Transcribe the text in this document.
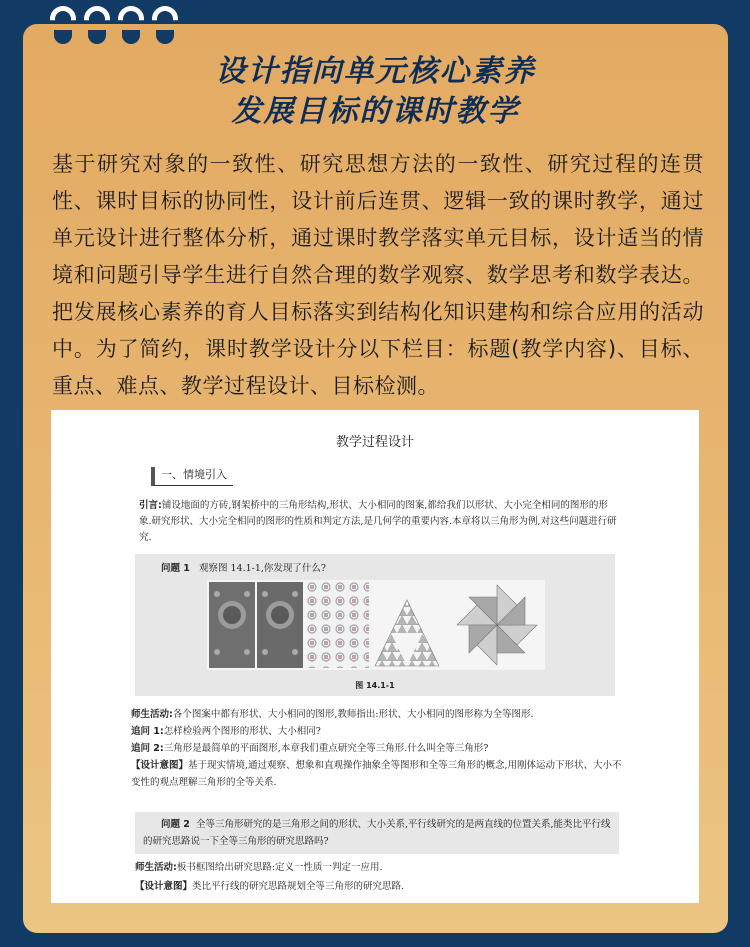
设计指向单元核心素养
发展目标的课时教学
基于研究对象的一致性、研究思想方法的一致性、研究过程的连贯性、课时目标的协同性，设计前后连贯、逻辑一致的课时教学，通过单元设计进行整体分析，通过课时教学落实单元目标，设计适当的情境和问题引导学生进行自然合理的数学观察、数学思考和数学表达。把发展核心素养的育人目标落实到结构化知识建构和综合应用的活动中。为了简约，课时教学设计分以下栏目：标题(教学内容)、目标、重点、难点、教学过程设计、目标检测。
教学过程设计
一、情境引入
引言:铺设地面的方砖,钢架桥中的三角形结构,形状、大小相同的图案,都给我们以形状、大小完全相同的图形的形象.研究形状、大小完全相同的图形的性质和判定方法,是几何学的重要内容.本章将以三角形为例,对这些问题进行研究.
问题 1 观察图 14.1-1,你发现了什么?
图 14.1-1
师生活动:各个图案中都有形状、大小相同的图形,教师指出:形状、大小相同的图形称为全等图形.
追问 1:怎样检验两个图形的形状、大小相同?
追问 2:三角形是最简单的平面图形,本章我们重点研究全等三角形.什么叫全等三角形?
【设计意图】基于现实情境,通过观察、想象和直观操作抽象全等图形和全等三角形的概念,用刚体运动下形状、大小不变性的观点理解三角形的全等关系.
问题 2 全等三角形研究的是三角形之间的形状、大小关系,平行线研究的是两直线的位置关系,能类比平行线的研究思路说一下全等三角形的研究思路吗?
师生活动:板书框图给出研究思路:定义一性质一判定一应用.
【设计意图】类比平行线的研究思路规划全等三角形的研究思路.
